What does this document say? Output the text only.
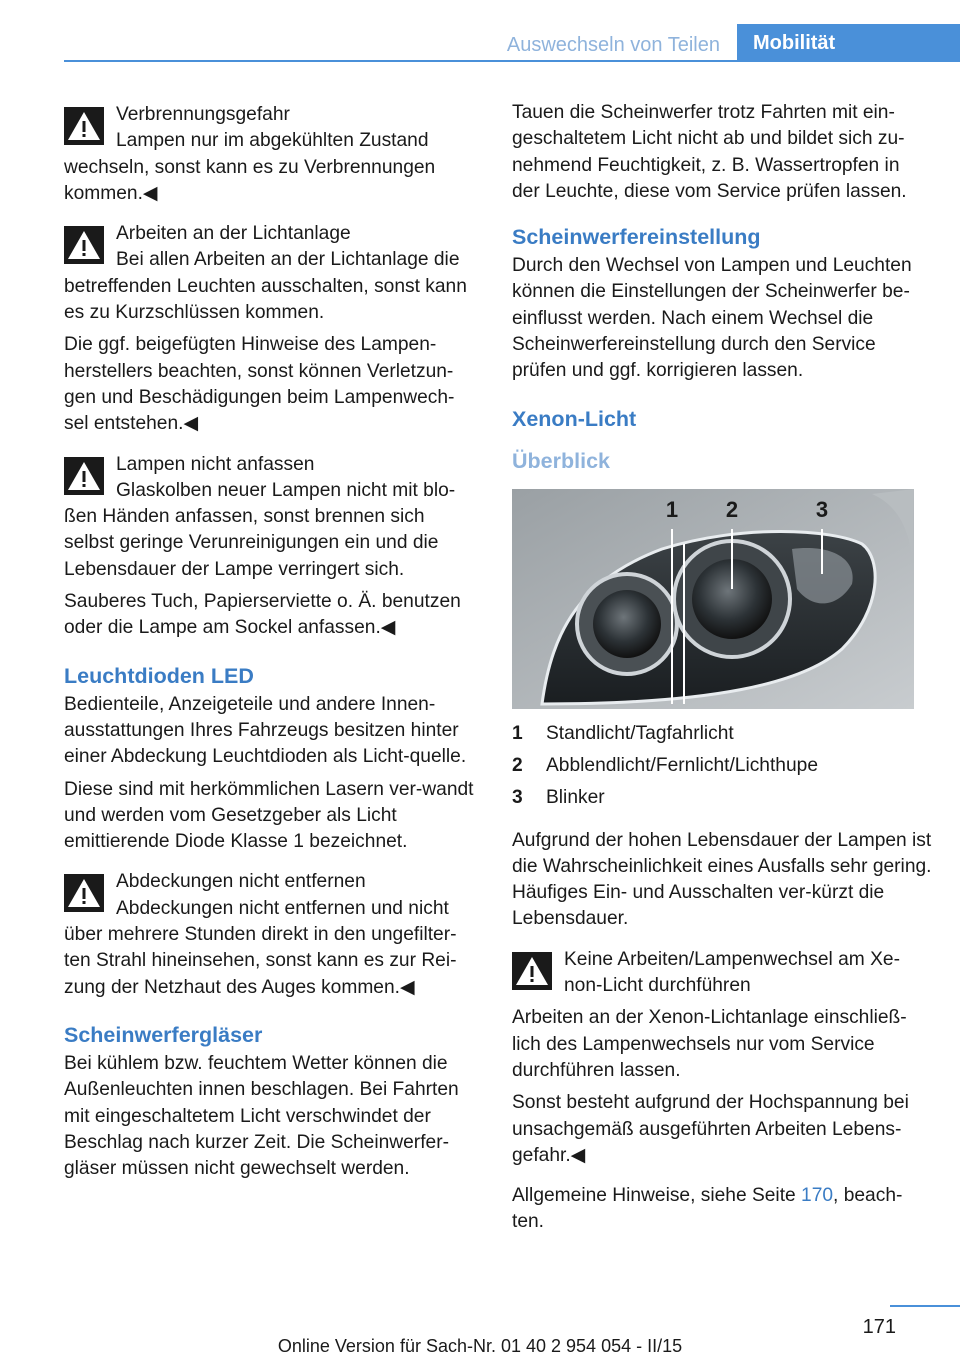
Auswechseln von Teilen	Mobilität

Verbrennungsgefahr

Lampen nur im abgekühlten Zustand
wechseln, sonst kann es zu Verbrennungen kommen.◀

Arbeiten an der Lichtanlage

Bei allen Arbeiten an der Lichtanlage die
betreffenden Leuchten ausschalten, sonst kann es zu Kurzschlüssen kommen.

Die ggf. beigefügten Hinweise des Lampen‐herstellers beachten, sonst können Verletzun‐gen und Beschädigungen beim Lampenwech‐sel entstehen.◀

Lampen nicht anfassen

Glaskolben neuer Lampen nicht mit blo‐
ßen Händen anfassen, sonst brennen sich selbst geringe Verunreinigungen ein und die Lebensdauer der Lampe verringert sich.

Sauberes Tuch, Papierserviette o. Ä. benutzen oder die Lampe am Sockel anfassen.◀

Leuchtdioden LED

Bedienteile, Anzeigeteile und andere Innen‐ausstattungen Ihres Fahrzeugs besitzen hinter einer Abdeckung Leuchtdioden als Licht‐quelle.

Diese sind mit herkömmlichen Lasern ver‐wandt und werden vom Gesetzgeber als Licht emittierende Diode Klasse 1 bezeichnet.

Abdeckungen nicht entfernen

Abdeckungen nicht entfernen und nicht
über mehrere Stunden direkt in den ungefilter‐ten Strahl hineinsehen, sonst kann es zur Rei‐zung der Netzhaut des Auges kommen.◀

Scheinwerfergläser

Bei kühlem bzw. feuchtem Wetter können die Außenleuchten innen beschlagen. Bei Fahrten mit eingeschaltetem Licht verschwindet der Beschlag nach kurzer Zeit. Die Scheinwerfer‐gläser müssen nicht gewechselt werden.

Tauen die Scheinwerfer trotz Fahrten mit ein‐geschaltetem Licht nicht ab und bildet sich zu‐nehmend Feuchtigkeit, z. B. Wassertropfen in der Leuchte, diese vom Service prüfen lassen.

Scheinwerfereinstellung

Durch den Wechsel von Lampen und Leuchten können die Einstellungen der Scheinwerfer be‐einflusst werden. Nach einem Wechsel die Scheinwerfereinstellung durch den Service prüfen und ggf. korrigieren lassen.

Xenon-Licht
Überblick
1 2	3
1	Standlicht/Tagfahrlicht
2	Abblendlicht/Fernlicht/Lichthupe
3	Blinker

Aufgrund der hohen Lebensdauer der Lampen ist die Wahrscheinlichkeit eines Ausfalls sehr gering. Häufiges Ein- und Ausschalten ver‐kürzt die Lebensdauer.

Keine Arbeiten/Lampenwechsel am Xe‐non-Licht durchführen

Arbeiten an der Xenon-Lichtanlage einschließ‐lich des Lampenwechsels nur vom Service durchführen lassen.

Sonst besteht aufgrund der Hochspannung bei unsachgemäß ausgeführten Arbeiten Lebens‐gefahr.◀

Allgemeine Hinweise, siehe Seite 170, beach‐ten.

171
Online Version für Sach-Nr. 01 40 2 954 054 - II/15
